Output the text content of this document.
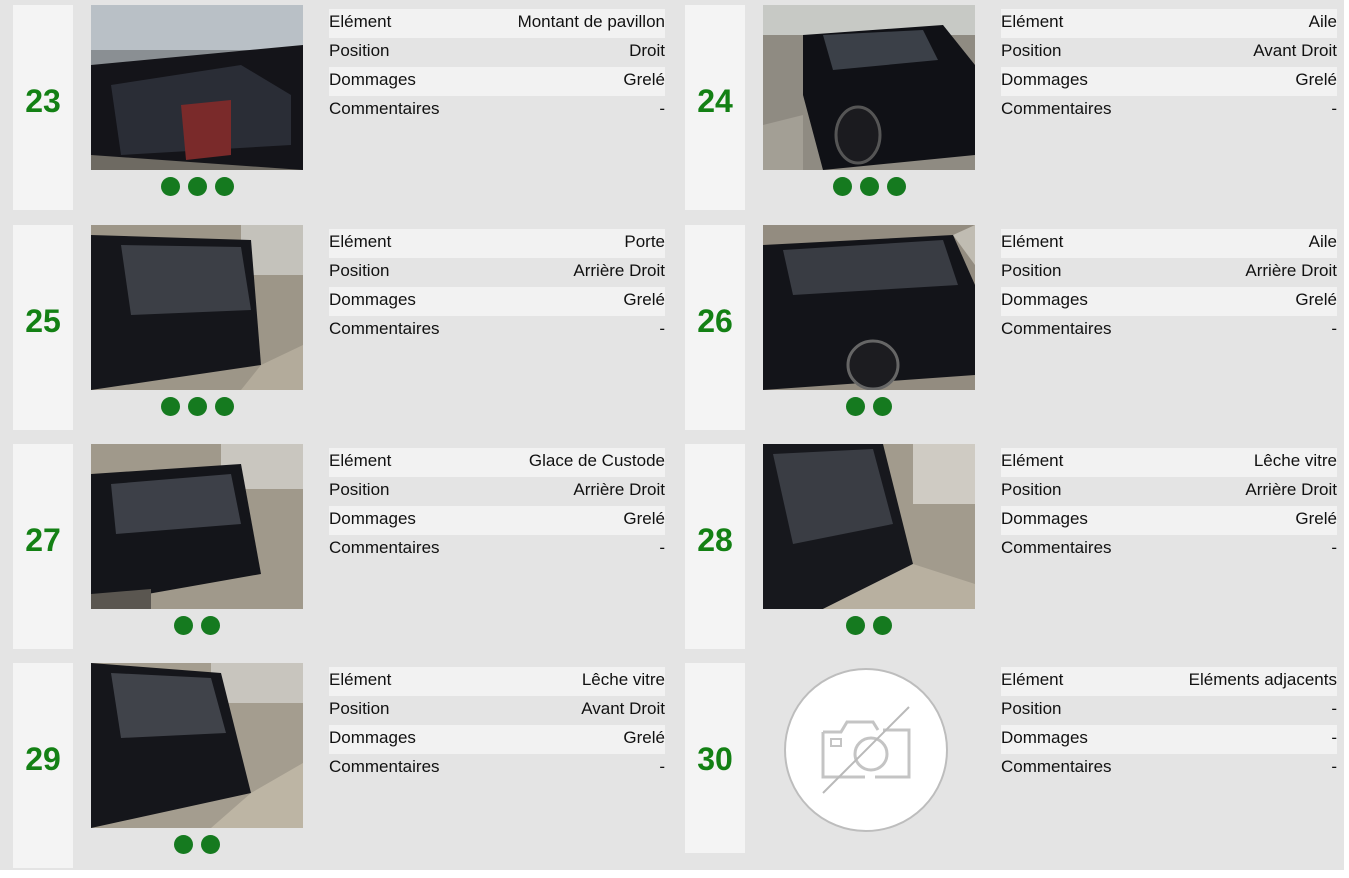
23
Elément	Montant de pavillon
Position	Droit
Dommages	Grelé
Commentaires	-	24
Elément	Aile
Position	Avant Droit
Dommages	Grelé
Commentaires	-
25
Elément	Porte
Position	Arrière Droit
Dommages	Grelé
Commentaires	-	26
Elément	Aile
Position	Arrière Droit
Dommages	Grelé
Commentaires	-
27
Elément	Glace de Custode
Position	Arrière Droit
Dommages	Grelé
Commentaires	-	28
Elément	Lêche vitre
Position	Arrière Droit
Dommages	Grelé
Commentaires	-
29
Elément	Lêche vitre
Position	Avant Droit
Dommages	Grelé
Commentaires	-	30
Elément	Eléments adjacents
Position	-
Dommages	-
Commentaires	-
